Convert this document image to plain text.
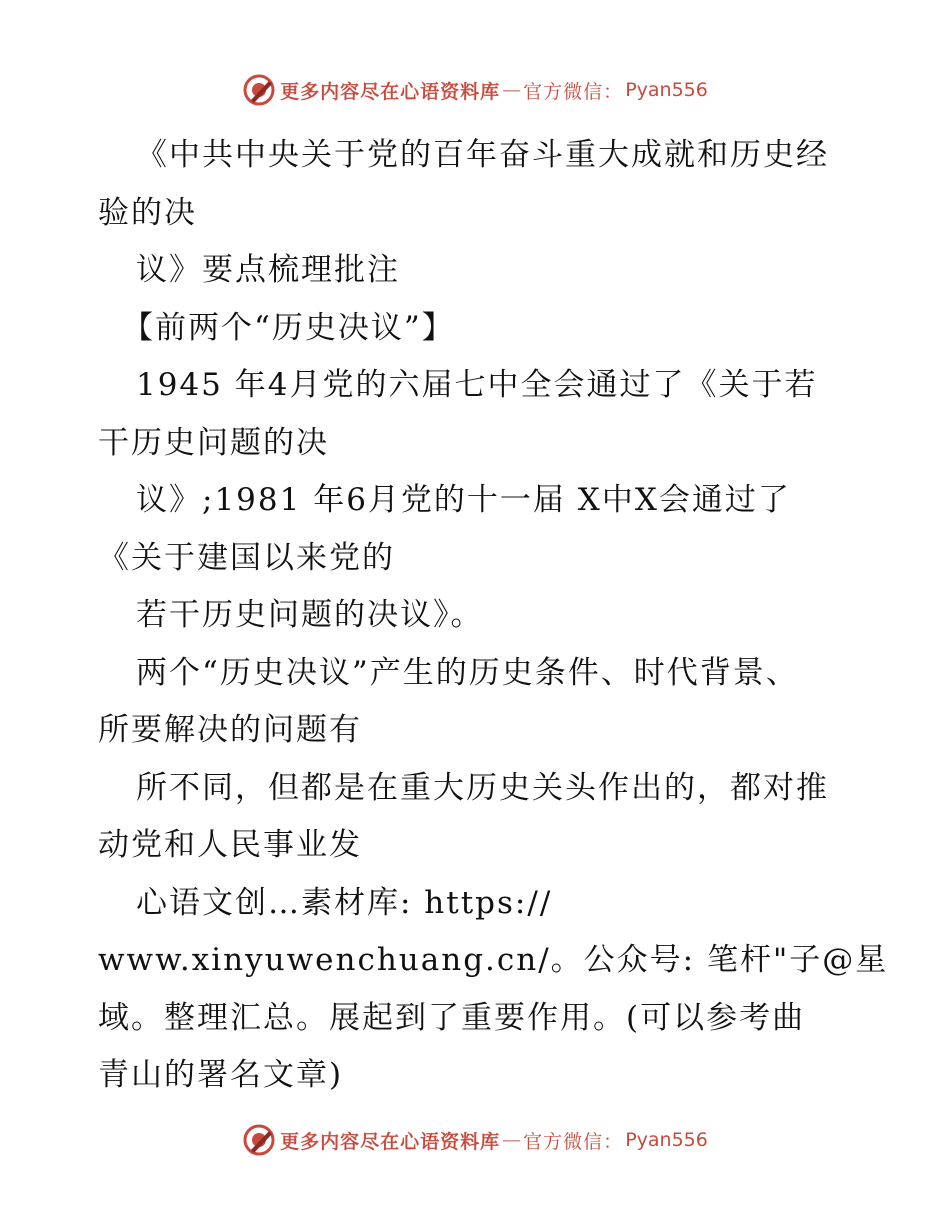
更多内容尽在心语资料库 — 官方微信： Pyan556
《中共中央关于党的百年奋斗重大成就和历史经
验的决
议》要点梳理批注
【前两个“历史决议”】
1945 年4月党的六届七中全会通过了《关于若
干历史问题的决
议》;1981 年6月党的十一届 X中X会通过了
《关于建国以来党的
若干历史问题的决议》。
两个“历史决议”产生的历史条件、时代背景、
所要解决的问题有
所不同，但都是在重大历史关头作出的，都对推
动党和人民事业发
心语文创…素材库: https://
www.xinyuwenchuang.cn/。公众号: 笔杆"子@星
域。整理汇总。展起到了重要作用。(可以参考曲
青山的署名文章)
更多内容尽在心语资料库 — 官方微信： Pyan556
